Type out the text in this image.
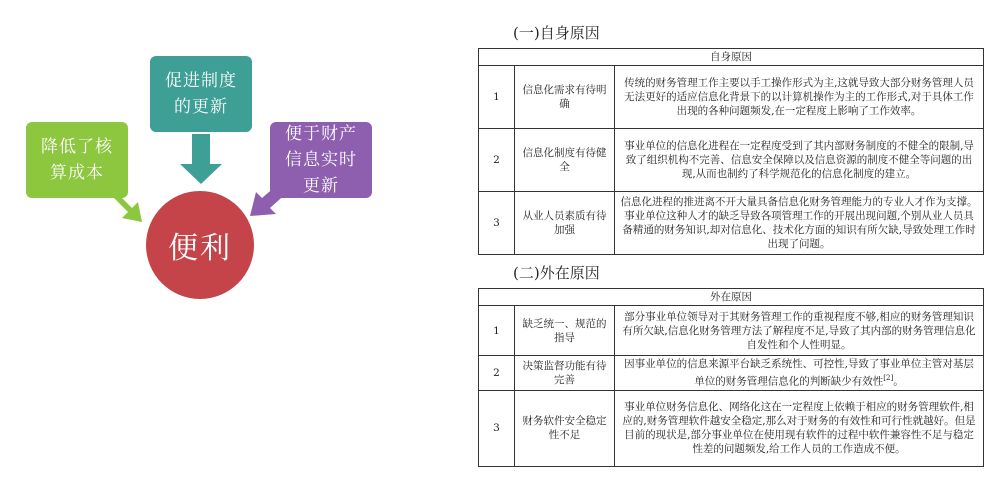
降低了核算成本
促进制度的更新
便于财产信息实时更新
便利
(一)自身原因
自身原因		
1	信息化需求有待明确	传统的财务管理工作主要以手工操作形式为主,这就导致大部分财务管理人员无法更好的适应信息化背景下的以计算机操作为主的工作形式,对于具体工作出现的各种问题频发,在一定程度上影响了工作效率。
2	信息化制度有待健全	事业单位的信息化进程在一定程度受到了其内部财务制度的不健全的限制,导致了组织机构不完善、信息安全保障以及信息资源的制度不健全等问题的出现,从而也制约了科学规范化的信息化制度的建立。
3	从业人员素质有待加强	信息化进程的推进离不开大量具备信息化财务管理能力的专业人才作为支撑。事业单位这种人才的缺乏导致各项管理工作的开展出现问题,个别从业人员具备精通的财务知识,却对信息化、技术化方面的知识有所欠缺,导致处理工作时出现了问题。
(二)外在原因
外在原因		
1	缺乏统一、规范的指导	部分事业单位领导对于其财务管理工作的重视程度不够,相应的财务管理知识有所欠缺,信息化财务管理方法了解程度不足,导致了其内部的财务管理信息化自发性和个人性明显。
2	决策监督功能有待完善	因事业单位的信息来源平台缺乏系统性、可控性,导致了事业单位主管对基层单位的财务管理信息化的判断缺少有效性[2]。
3	财务软件安全稳定性不足	事业单位财务信息化、网络化这在一定程度上依赖于相应的财务管理软件,相应的,财务管理软件越安全稳定,那么对于财务的有效性和可行性就越好。但是目前的现状是,部分事业单位在使用现有软件的过程中软件兼容性不足与稳定性差的问题频发,给工作人员的工作造成不便。
